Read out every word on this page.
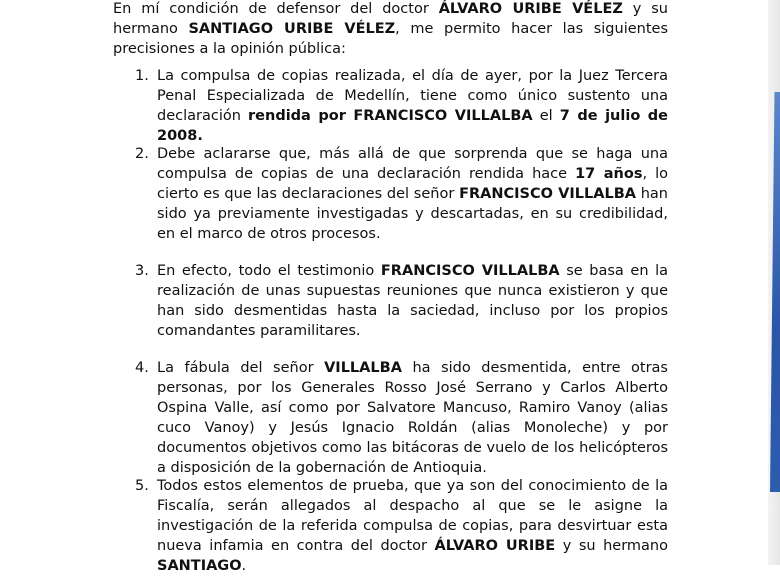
En mí condición de defensor del doctor ÁLVARO URIBE VÉLEZ y su hermano SANTIAGO URIBE VÉLEZ, me permito hacer las siguientes precisiones a la opinión pública:

1. La compulsa de copias realizada, el día de ayer, por la Juez Tercera Penal Especializada de Medellín, tiene como único sustento una declaración rendida por FRANCISCO VILLALBA el 7 de julio de 2008.

2. Debe aclararse que, más allá de que sorprenda que se haga una compulsa de copias de una declaración rendida hace 17 años, lo cierto es que las declaraciones del señor FRANCISCO VILLALBA han sido ya previamente investigadas y descartadas, en su credibilidad, en el marco de otros procesos.

3. En efecto, todo el testimonio FRANCISCO VILLALBA se basa en la realización de unas supuestas reuniones que nunca existieron y que han sido desmentidas hasta la saciedad, incluso por los propios comandantes paramilitares.

4. La fábula del señor VILLALBA ha sido desmentida, entre otras personas, por los Generales Rosso José Serrano y Carlos Alberto Ospina Valle, así como por Salvatore Mancuso, Ramiro Vanoy (alias cuco Vanoy) y Jesús Ignacio Roldán (alias Monoleche) y por documentos objetivos como las bitácoras de vuelo de los helicópteros a disposición de la gobernación de Antioquia.

5. Todos estos elementos de prueba, que ya son del conocimiento de la Fiscalía, serán allegados al despacho al que se le asigne la investigación de la referida compulsa de copias, para desvirtuar esta nueva infamia en contra del doctor ÁLVARO URIBE y su hermano SANTIAGO.
